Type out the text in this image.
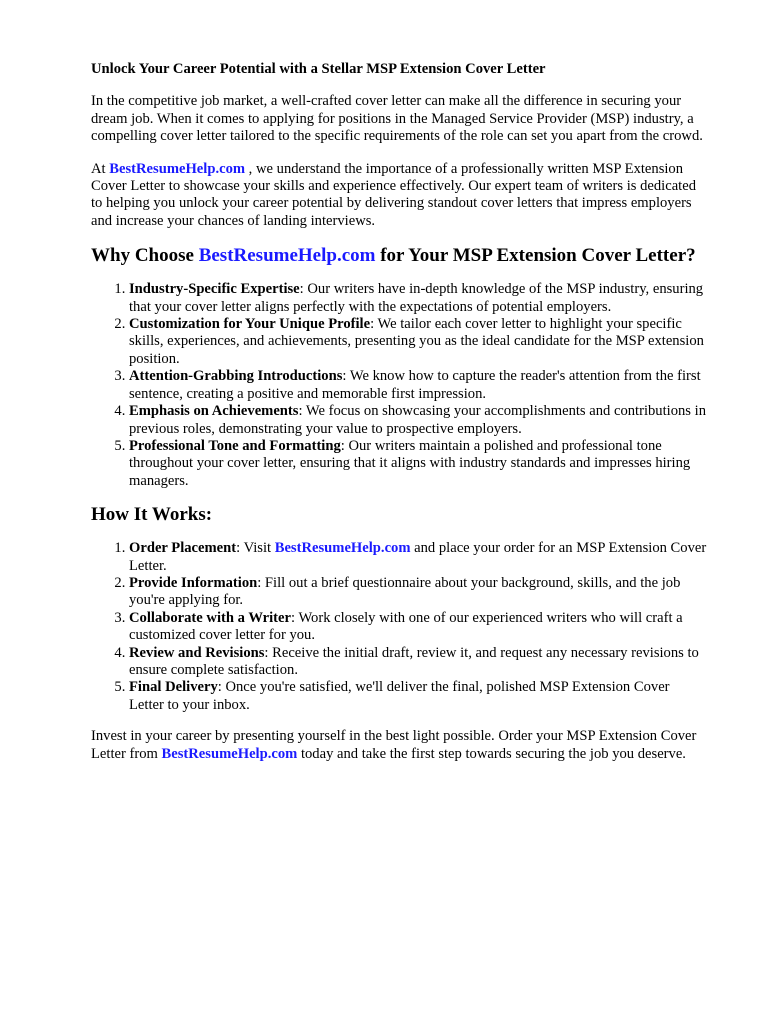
Unlock Your Career Potential with a Stellar MSP Extension Cover Letter

In the competitive job market, a well-crafted cover letter can make all the difference in securing your dream job. When it comes to applying for positions in the Managed Service Provider (MSP) industry, a compelling cover letter tailored to the specific requirements of the role can set you apart from the crowd.

At BestResumeHelp.com , we understand the importance of a professionally written MSP Extension Cover Letter to showcase your skills and experience effectively. Our expert team of writers is dedicated to helping you unlock your career potential by delivering standout cover letters that impress employers and increase your chances of landing interviews.

Why Choose BestResumeHelp.com for Your MSP Extension Cover Letter?
1. Industry-Specific Expertise: Our writers have in-depth knowledge of the MSP industry, ensuring that your cover letter aligns perfectly with the expectations of potential employers.
2. Customization for Your Unique Profile: We tailor each cover letter to highlight your specific skills, experiences, and achievements, presenting you as the ideal candidate for the MSP extension position.
3. Attention-Grabbing Introductions: We know how to capture the reader's attention from the first sentence, creating a positive and memorable first impression.
4. Emphasis on Achievements: We focus on showcasing your accomplishments and contributions in previous roles, demonstrating your value to prospective employers.
5. Professional Tone and Formatting: Our writers maintain a polished and professional tone throughout your cover letter, ensuring that it aligns with industry standards and impresses hiring managers.
How It Works:
1. Order Placement: Visit BestResumeHelp.com and place your order for an MSP Extension Cover Letter.
2. Provide Information: Fill out a brief questionnaire about your background, skills, and the job you're applying for.
3. Collaborate with a Writer: Work closely with one of our experienced writers who will craft a customized cover letter for you.
4. Review and Revisions: Receive the initial draft, review it, and request any necessary revisions to ensure complete satisfaction.
5. Final Delivery: Once you're satisfied, we'll deliver the final, polished MSP Extension Cover Letter to your inbox.

Invest in your career by presenting yourself in the best light possible. Order your MSP Extension Cover Letter from BestResumeHelp.com today and take the first step towards securing the job you deserve.
